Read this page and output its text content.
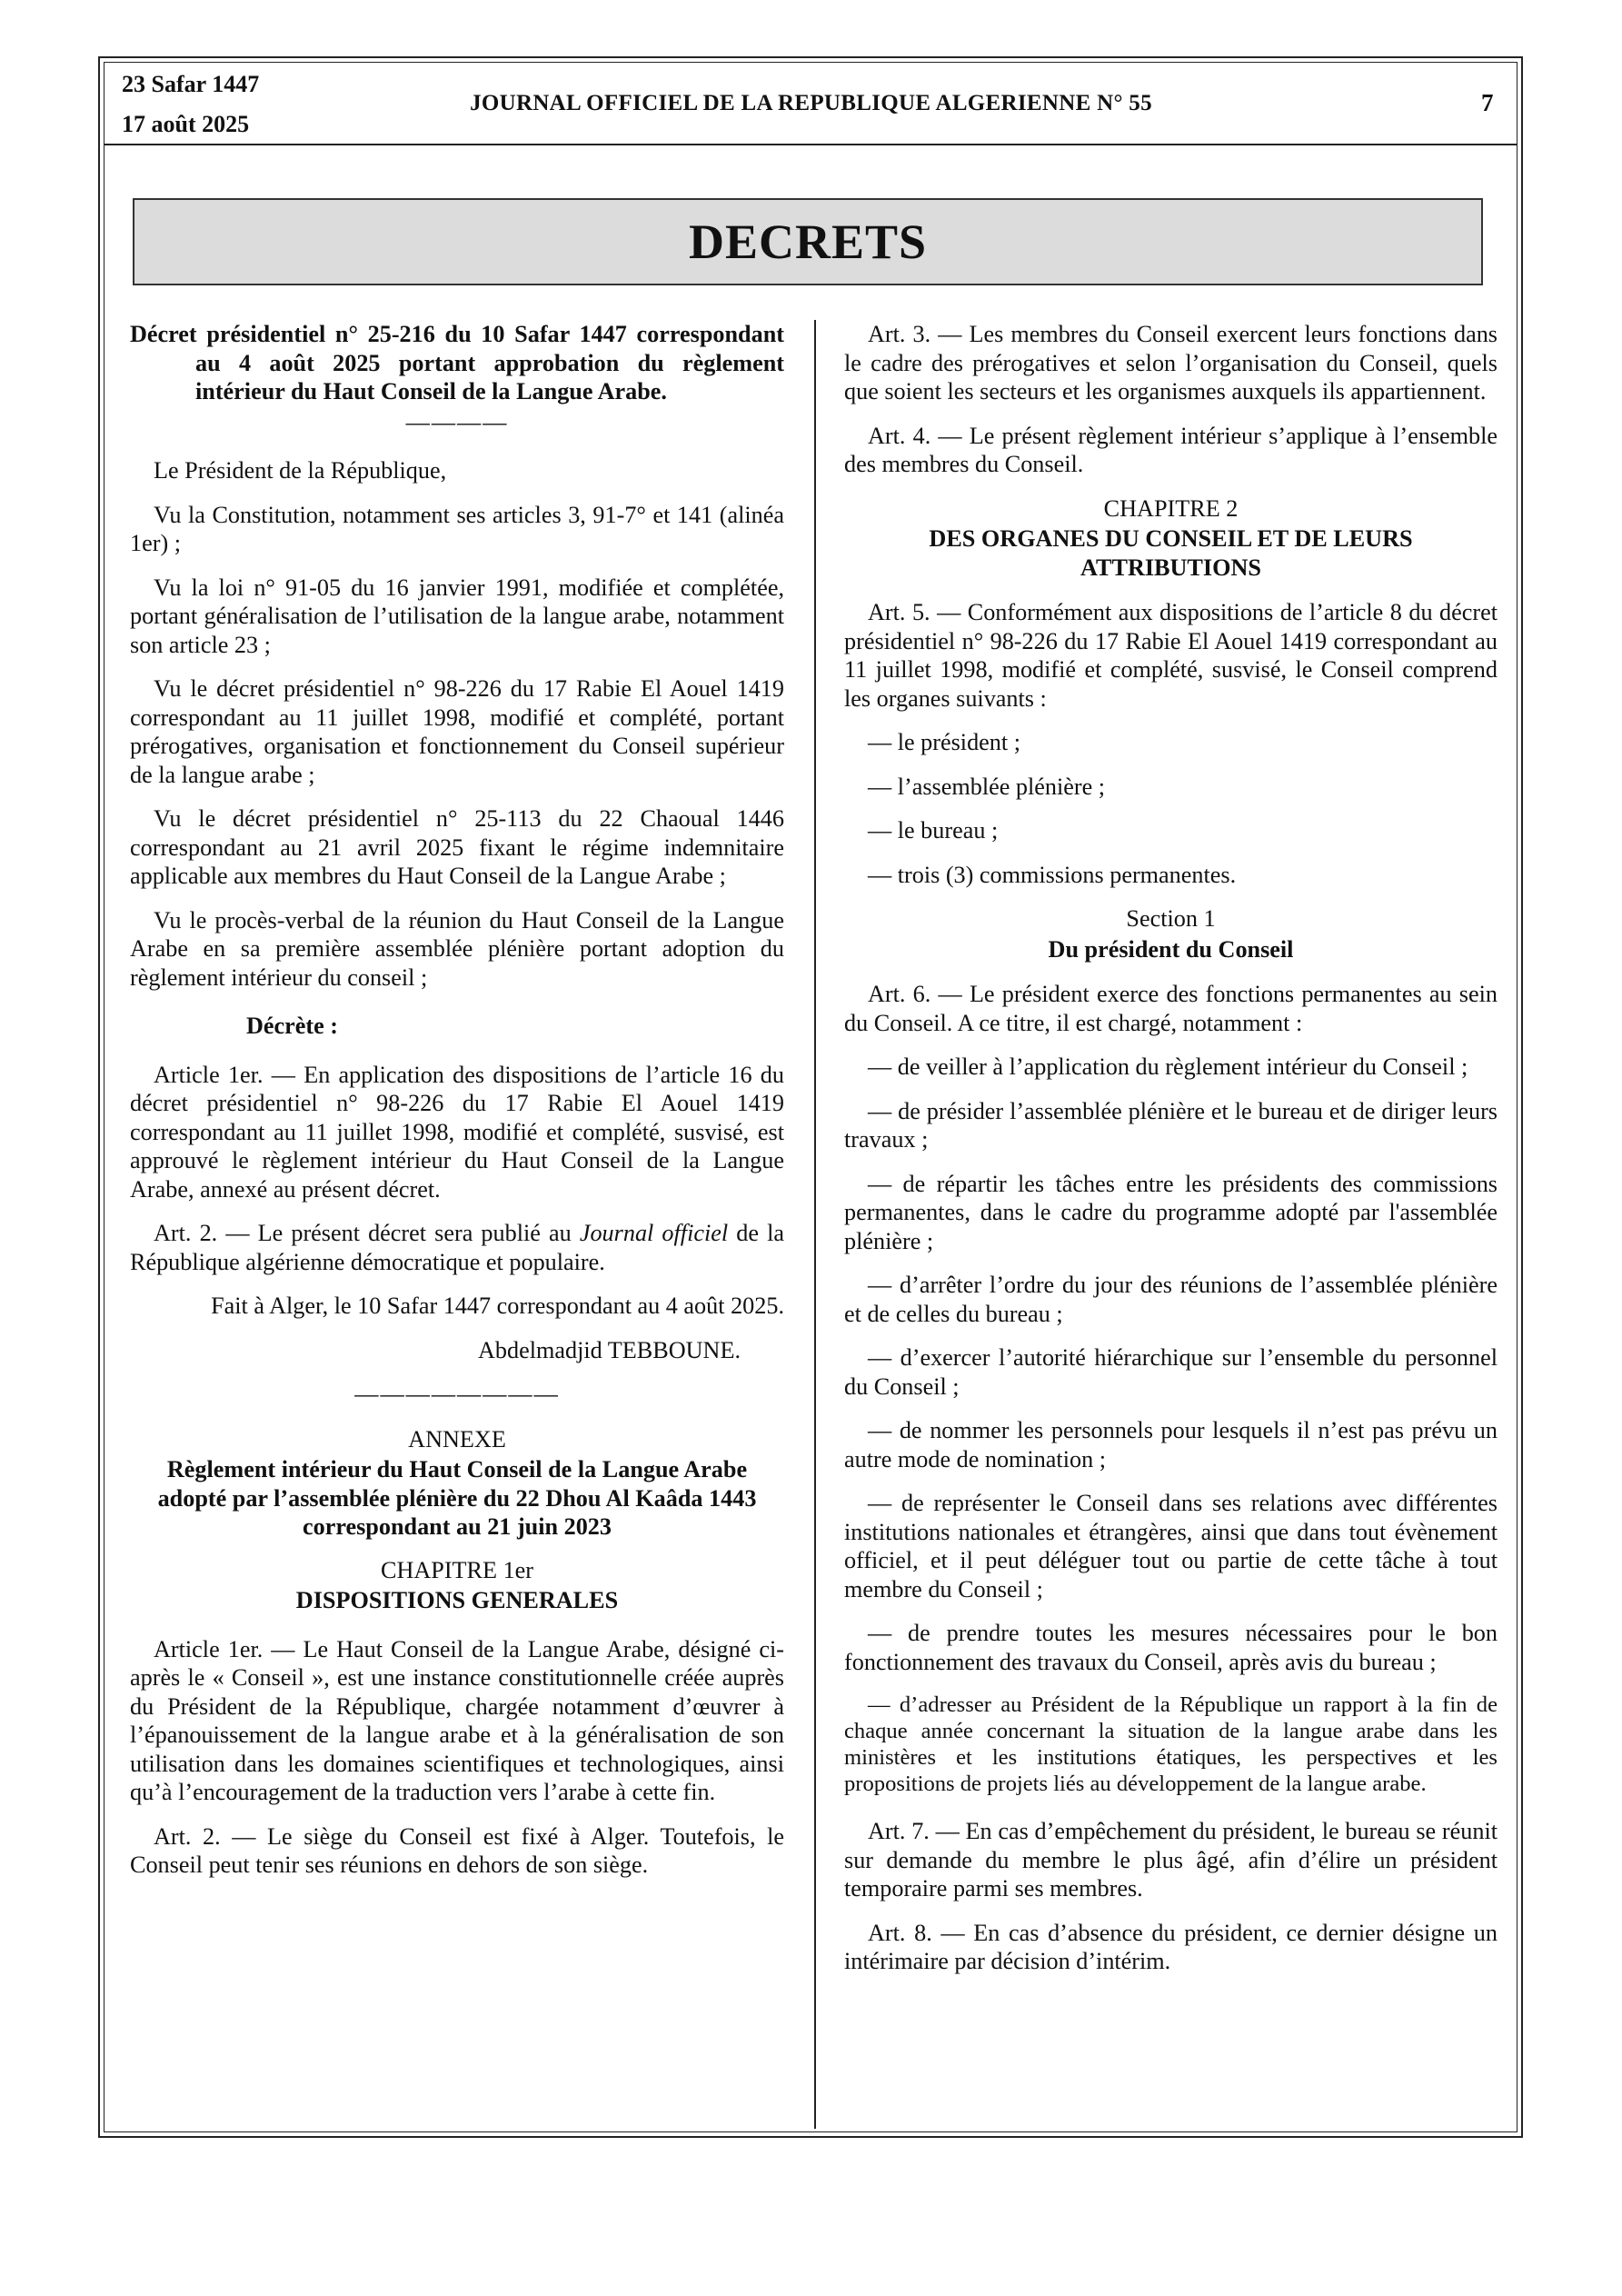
23 Safar 1447
17 août 2025
JOURNAL OFFICIEL DE LA REPUBLIQUE ALGERIENNE N° 55	7
DECRETS

Décret présidentiel n° 25-216 du 10 Safar 1447 correspondant au 4 août 2025 portant approbation du règlement intérieur du Haut Conseil de la Langue Arabe.

————

Le Président de la République,

Vu la Constitution, notamment ses articles 3, 91-7° et 141 (alinéa 1er) ;

Vu la loi n° 91-05 du 16 janvier 1991, modifiée et complétée, portant généralisation de l’utilisation de la langue arabe, notamment son article 23 ;

Vu le décret présidentiel n° 98-226 du 17 Rabie El Aouel 1419 correspondant au 11 juillet 1998, modifié et complété, portant prérogatives, organisation et fonctionnement du Conseil supérieur de la langue arabe ;

Vu le décret présidentiel n° 25-113 du 22 Chaoual 1446 correspondant au 21 avril 2025 fixant le régime indemnitaire applicable aux membres du Haut Conseil de la Langue Arabe ;

Vu le procès-verbal de la réunion du Haut Conseil de la Langue Arabe en sa première assemblée plénière portant adoption du règlement intérieur du conseil ;

Décrète :

Article 1er. — En application des dispositions de l’article 16 du décret présidentiel n° 98-226 du 17 Rabie El Aouel 1419 correspondant au 11 juillet 1998, modifié et complété, susvisé, est approuvé le règlement intérieur du Haut Conseil de la Langue Arabe, annexé au présent décret.

Art. 2. — Le présent décret sera publié au Journal officiel de la République algérienne démocratique et populaire.

Fait à Alger, le 10 Safar 1447 correspondant au 4 août 2025.

Abdelmadjid TEBBOUNE.

————————

ANNEXE

Règlement intérieur du Haut Conseil de la Langue Arabe adopté par l’assemblée plénière du 22 Dhou Al Kaâda 1443 correspondant au 21 juin 2023

CHAPITRE 1er

DISPOSITIONS GENERALES

Article 1er. — Le Haut Conseil de la Langue Arabe, désigné ci- après le « Conseil », est une instance constitutionnelle créée auprès du Président de la République, chargée notamment d’œuvrer à l’épanouissement de la langue arabe et à la généralisation de son utilisation dans les domaines scientifiques et technologiques, ainsi qu’à l’encouragement de la traduction vers l’arabe à cette fin.

Art. 2. — Le siège du Conseil est fixé à Alger. Toutefois, le Conseil peut tenir ses réunions en dehors de son siège.

Art. 3. — Les membres du Conseil exercent leurs fonctions dans le cadre des prérogatives et selon l’organisation du Conseil, quels que soient les secteurs et les organismes auxquels ils appartiennent.

Art. 4. — Le présent règlement intérieur s’applique à l’ensemble des membres du Conseil.

CHAPITRE 2

DES ORGANES DU CONSEIL ET DE LEURS ATTRIBUTIONS

Art. 5. — Conformément aux dispositions de l’article 8 du décret présidentiel n° 98-226 du 17 Rabie El Aouel 1419 correspondant au 11 juillet 1998, modifié et complété, susvisé, le Conseil comprend les organes suivants :

— le président ;

— l’assemblée plénière ;

— le bureau ;

— trois (3) commissions permanentes.

Section 1

Du président du Conseil

Art. 6. — Le président exerce des fonctions permanentes au sein du Conseil. A ce titre, il est chargé, notamment :

— de veiller à l’application du règlement intérieur du Conseil ;

— de présider l’assemblée plénière et le bureau et de diriger leurs travaux ;

— de répartir les tâches entre les présidents des commissions permanentes, dans le cadre du programme adopté par l'assemblée plénière ;

— d’arrêter l’ordre du jour des réunions de l’assemblée plénière et de celles du bureau ;

— d’exercer l’autorité hiérarchique sur l’ensemble du personnel du Conseil ;

— de nommer les personnels pour lesquels il n’est pas prévu un autre mode de nomination ;

— de représenter le Conseil dans ses relations avec différentes institutions nationales et étrangères, ainsi que dans tout évènement officiel, et il peut déléguer tout ou partie de cette tâche à tout membre du Conseil ;

— de prendre toutes les mesures nécessaires pour le bon fonctionnement des travaux du Conseil, après avis du bureau ;

— d’adresser au Président de la République un rapport à la fin de chaque année concernant la situation de la langue arabe dans les ministères et les institutions étatiques, les perspectives et les propositions de projets liés au développement de la langue arabe.

Art. 7. — En cas d’empêchement du président, le bureau se réunit sur demande du membre le plus âgé, afin d’élire un président temporaire parmi ses membres.

Art. 8. — En cas d’absence du président, ce dernier désigne un intérimaire par décision d’intérim.
